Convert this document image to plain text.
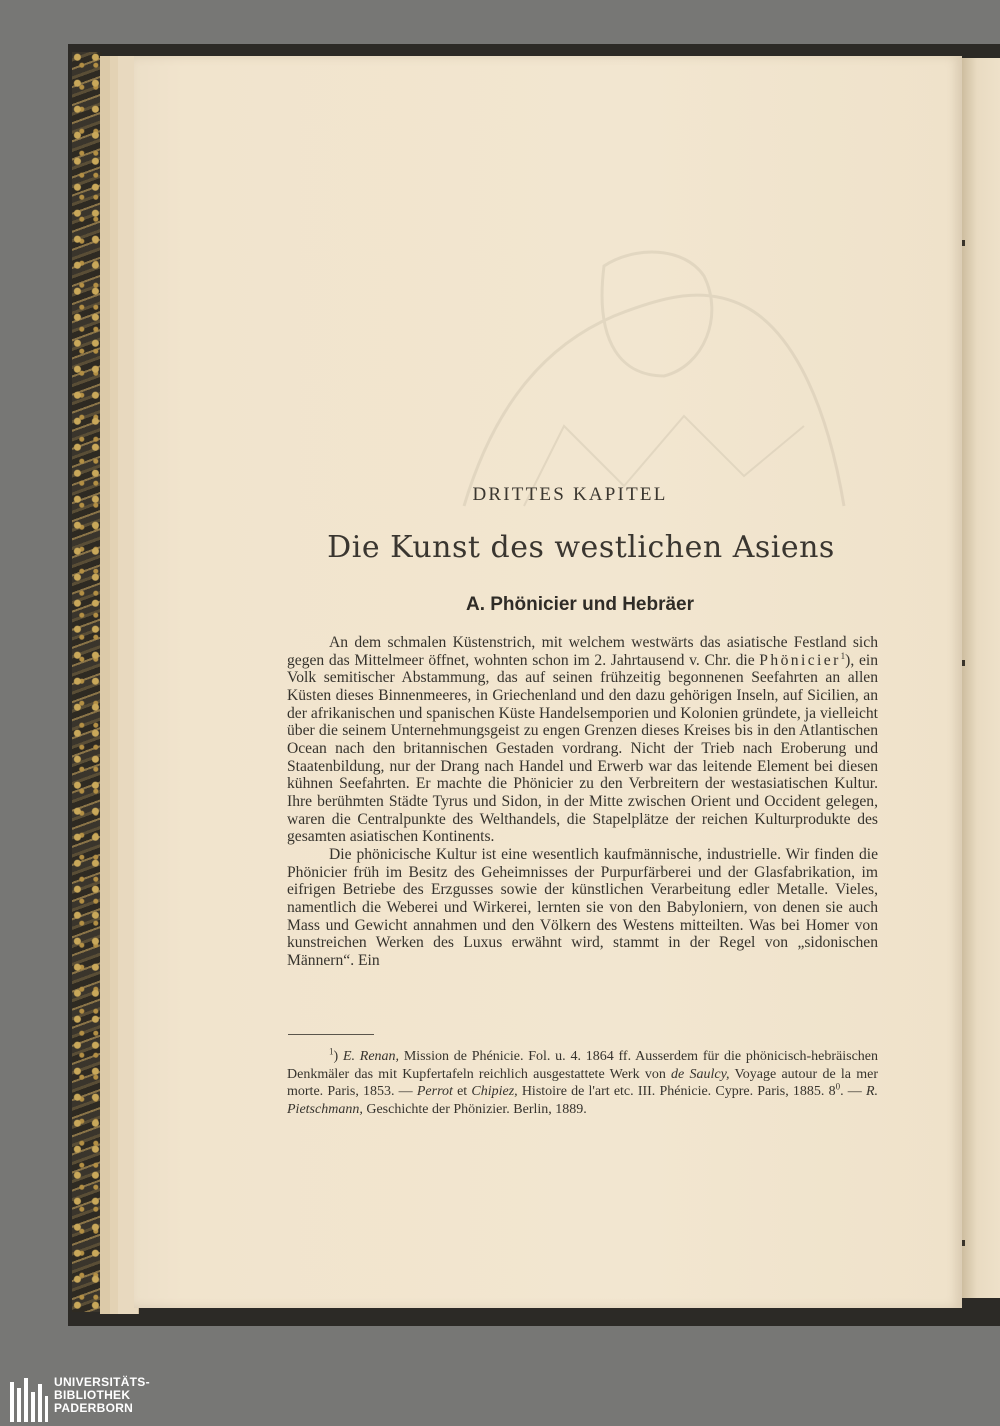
DRITTES KAPITEL
Die Kunst des westlichen Asiens
A. Phönicier und Hebräer

An dem schmalen Küstenstrich, mit welchem westwärts das asiatische Festland sich gegen das Mittelmeer öffnet, wohnten schon im 2. Jahrtausend v. Chr. die Phönicier$^1$), ein Volk semitischer Abstammung, das auf seinen frühzeitig begonnenen Seefahrten an allen Küsten dieses Binnenmeeres, in Griechenland und den dazu gehörigen Inseln, auf Sicilien, an der afrikanischen und spanischen Küste Handelsemporien und Kolonien gründete, ja vielleicht über die seinem Unternehmungsgeist zu engen Grenzen dieses Kreises bis in den Atlantischen Ocean nach den britannischen Gestaden vordrang. Nicht der Trieb nach Eroberung und Staatenbildung, nur der Drang nach Handel und Erwerb war das leitende Element bei diesen kühnen Seefahrten. Er machte die Phönicier zu den Verbreitern der westasiatischen Kultur. Ihre berühmten Städte Tyrus und Sidon, in der Mitte zwischen Orient und Occident gelegen, waren die Centralpunkte des Welthandels, die Stapelplätze der reichen Kulturprodukte des gesamten asiatischen Kontinents.

Die phönicische Kultur ist eine wesentlich kaufmännische, industrielle. Wir finden die Phönicier früh im Besitz des Geheimnisses der Purpurfärberei und der Glasfabrikation, im eifrigen Betriebe des Erzgusses sowie der künstlichen Verarbeitung edler Metalle. Vieles, namentlich die Weberei und Wirkerei, lernten sie von den Babyloniern, von denen sie auch Mass und Gewicht annahmen und den Völkern des Westens mitteilten. Was bei Homer von kunstreichen Werken des Luxus erwähnt wird, stammt in der Regel von „sidonischen Männern“. Ein

$^1$) E. Renan, Mission de Phénicie. Fol. u. 4. 1864 ff. Ausserdem für die phönicisch-hebräischen Denkmäler das mit Kupfertafeln reichlich ausgestattete Werk von de Saulcy, Voyage autour de la mer morte. Paris, 1853. — Perrot et Chipiez, Histoire de l'art etc. III. Phénicie. Cypre. Paris, 1885. $8^0$. — R. Pietschmann, Geschichte der Phönizier. Berlin, 1889.
UNIVERSITÄTS-
BIBLIOTHEK
PADERBORN
